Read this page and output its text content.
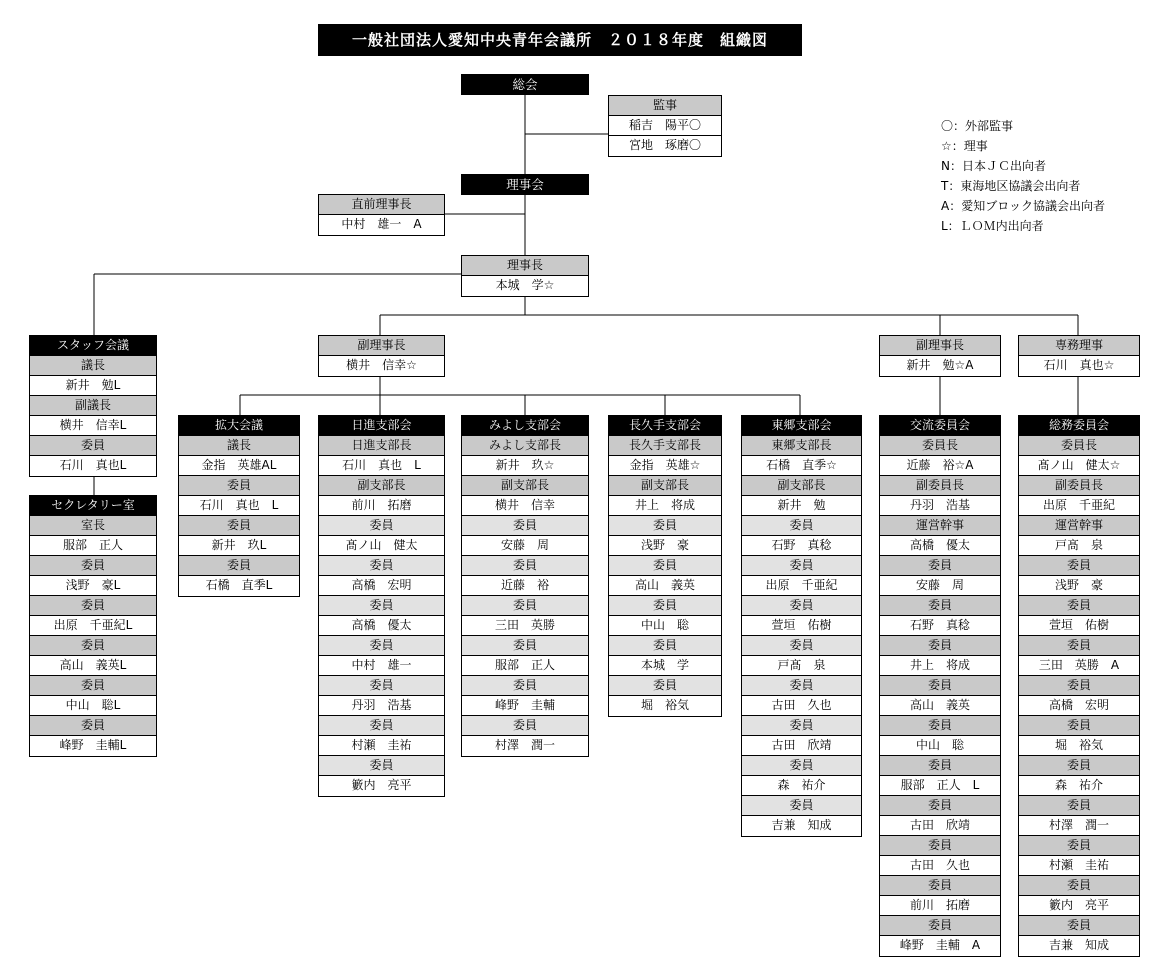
一般社団法人愛知中央青年会議所　２０１８年度　組織図
総会
監事
稲吉　陽平〇
宮地　琢磨〇
理事会
直前理事長
中村　雄一　A
理事長
本城　学☆
〇：外部監事
☆：理事
N：日本ＪＣ出向者
T：東海地区協議会出向者
A：愛知ブロック協議会出向者
L：ＬＯＭ内出向者
副理事長
横井　信幸☆
副理事長
新井　勉☆A
専務理事
石川　真也☆
スタッフ会議
議長
新井　勉L
副議長
横井　信幸L
委員
石川　真也L
セクレタリー室
室長
服部　正人
委員
浅野　豪L
委員
出原　千亜紀L
委員
高山　義英L
委員
中山　聡L
委員
峰野　圭輔L
拡大会議
議長
金指　英雄AL
委員
石川　真也　L
委員
新井　玖L
委員
石橋　直季L
日進支部会
日進支部長
石川　真也　L
副支部長
前川　拓磨
委員
髙ノ山　健太
委員
高橋　宏明
委員
高橋　優太
委員
中村　雄一
委員
丹羽　浩基
委員
村瀬　圭祐
委員
籔内　亮平
みよし支部会
みよし支部長
新井　玖☆
副支部長
横井　信幸
委員
安藤　周
委員
近藤　裕
委員
三田　英勝
委員
服部　正人
委員
峰野　圭輔
委員
村澤　潤一
長久手支部会
長久手支部長
金指　英雄☆
副支部長
井上　将成
委員
浅野　豪
委員
高山　義英
委員
中山　聡
委員
本城　学
委員
堀　裕気
東郷支部会
東郷支部長
石橋　直季☆
副支部長
新井　勉
委員
石野　真稔
委員
出原　千亜紀
委員
萱垣　佑樹
委員
戸髙　泉
委員
古田　久也
委員
古田　欣靖
委員
森　祐介
委員
吉兼　知成
交流委員会
委員長
近藤　裕☆A
副委員長
丹羽　浩基
運営幹事
高橋　優太
委員
安藤　周
委員
石野　真稔
委員
井上　将成
委員
高山　義英
委員
中山　聡
委員
服部　正人　L
委員
古田　欣靖
委員
古田　久也
委員
前川　拓磨
委員
峰野　圭輔　A
総務委員会
委員長
髙ノ山　健太☆
副委員長
出原　千亜紀
運営幹事
戸髙　泉
委員
浅野　豪
委員
萱垣　佑樹
委員
三田　英勝　A
委員
高橋　宏明
委員
堀　裕気
委員
森　祐介
委員
村澤　潤一
委員
村瀬　圭祐
委員
籔内　亮平
委員
吉兼　知成
